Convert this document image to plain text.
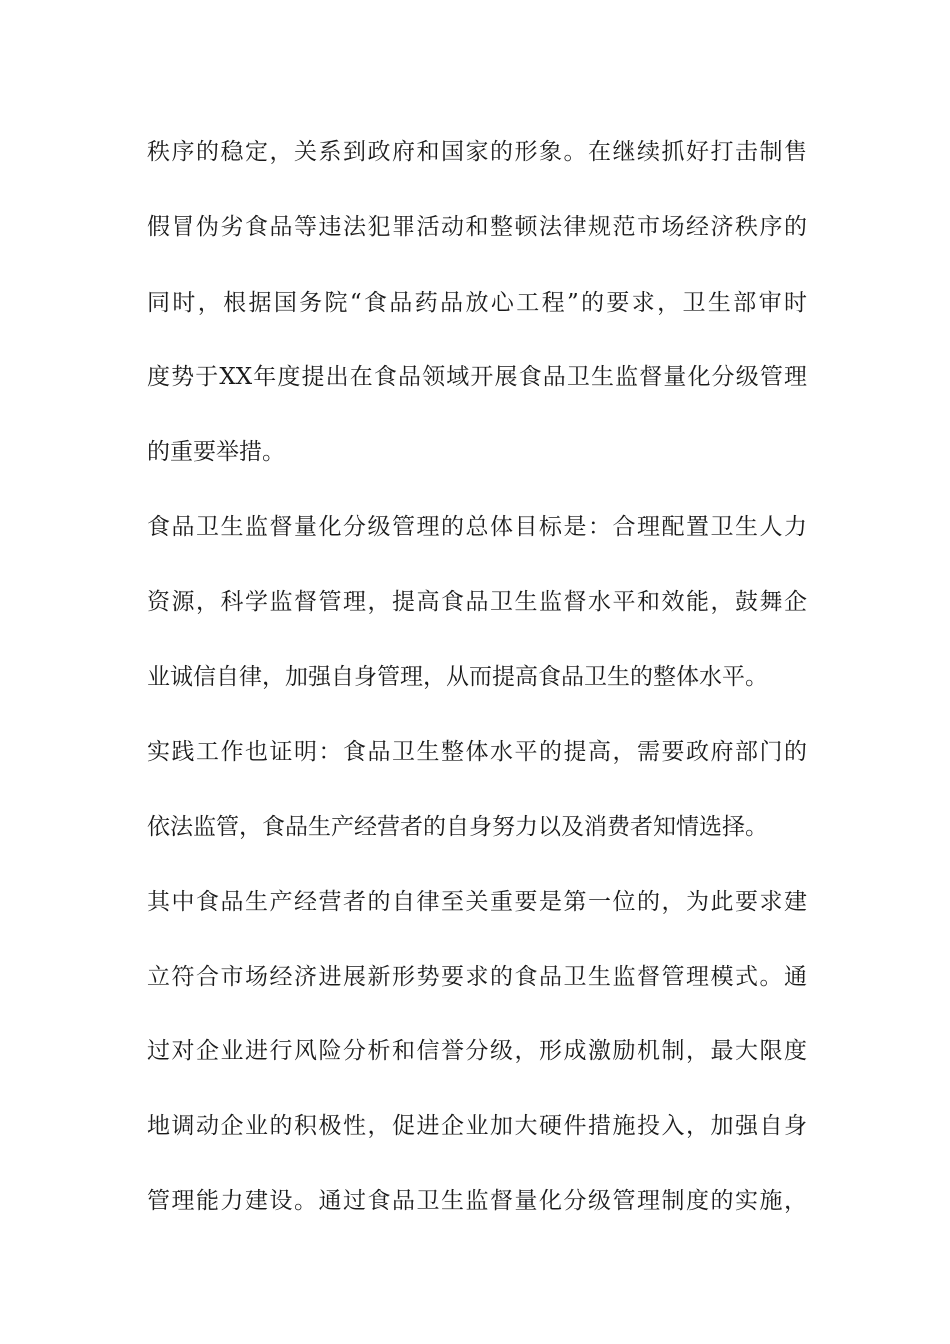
秩序的稳定，关系到政府和国家的形象。在继续抓好打击制售
假冒伪劣食品等违法犯罪活动和整顿法律规范市场经济秩序的
同时，根据国务院“食品药品放心工程”的要求，卫生部审时
度势于XX年度提出在食品领域开展食品卫生监督量化分级管理
的重要举措。
食品卫生监督量化分级管理的总体目标是：合理配置卫生人力
资源，科学监督管理，提高食品卫生监督水平和效能，鼓舞企
业诚信自律，加强自身管理，从而提高食品卫生的整体水平。
实践工作也证明：食品卫生整体水平的提高，需要政府部门的
依法监管，食品生产经营者的自身努力以及消费者知情选择。
其中食品生产经营者的自律至关重要是第一位的，为此要求建
立符合市场经济进展新形势要求的食品卫生监督管理模式。通
过对企业进行风险分析和信誉分级，形成激励机制，最大限度
地调动企业的积极性，促进企业加大硬件措施投入，加强自身
管理能力建设。通过食品卫生监督量化分级管理制度的实施，
